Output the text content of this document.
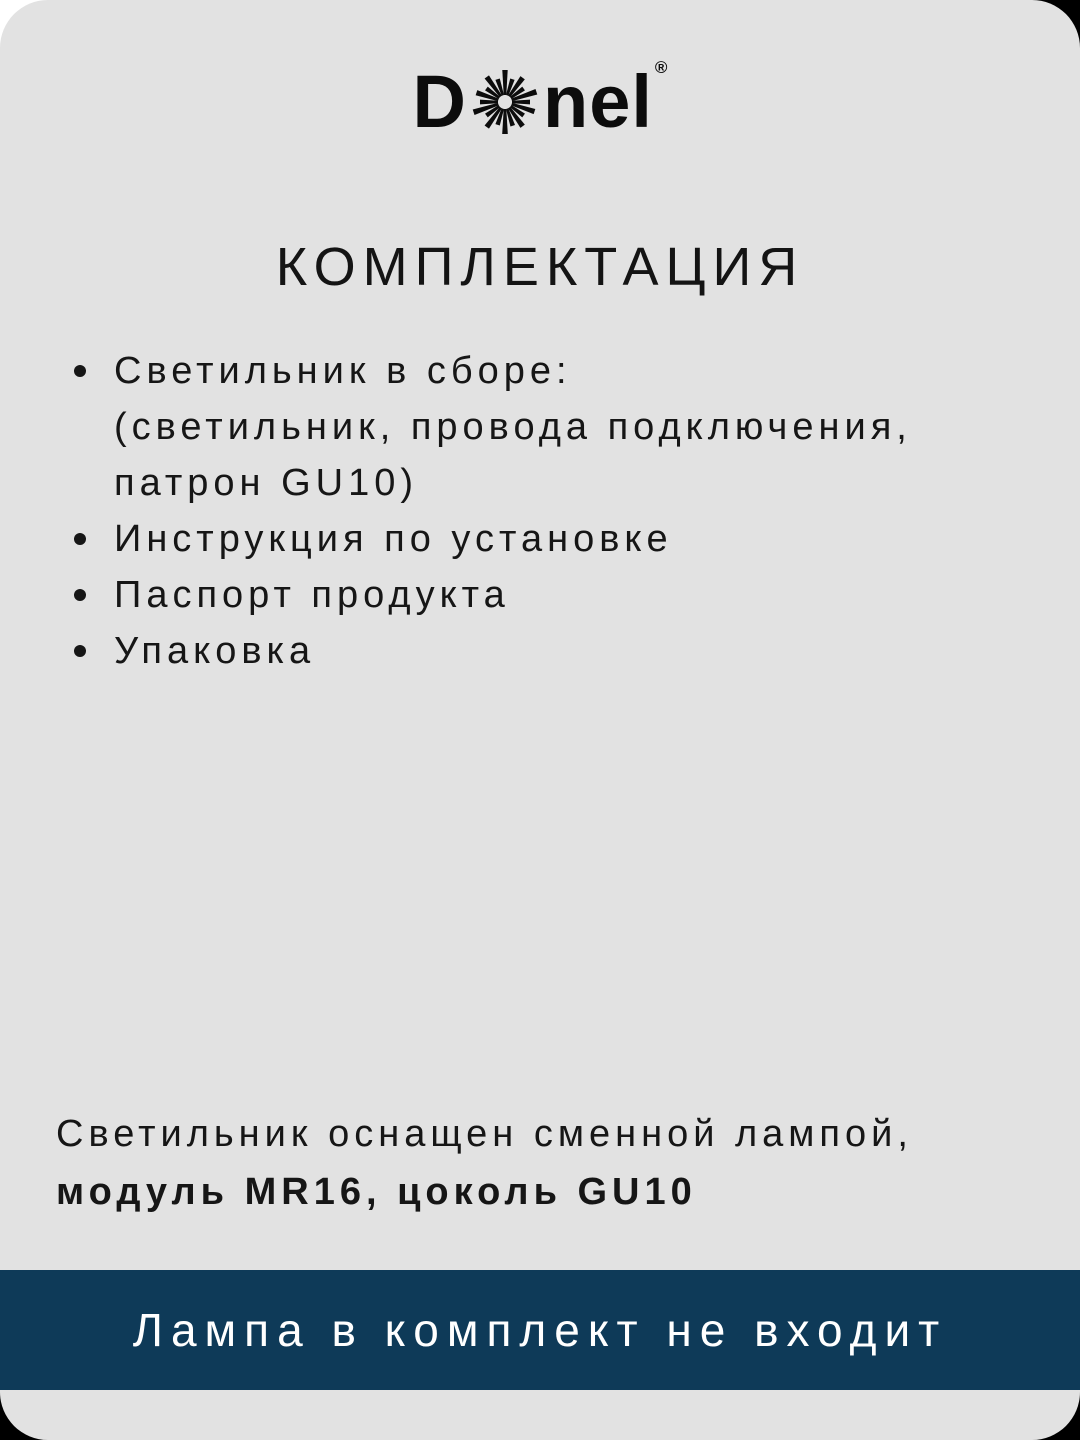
D nel ®
КОМПЛЕКТАЦИЯ
Светильник в сборе:
(светильник, провода подключения,
патрон GU10)
Инструкция по установке
Паспорт продукта
Упаковка
Светильник оснащен сменной лампой,
модуль MR16, цоколь GU10
Лампа в комплект не входит
